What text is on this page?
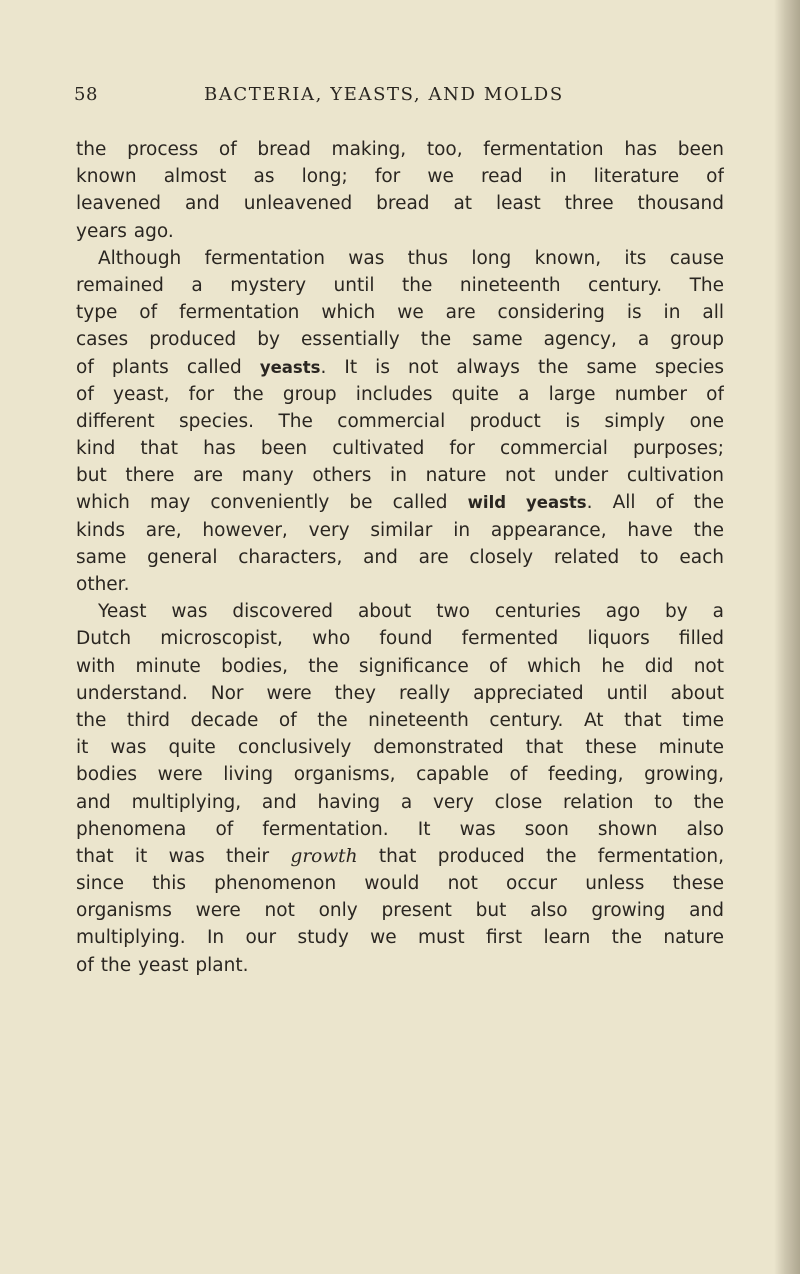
58	BACTERIA, YEASTS, AND MOLDS
the process of bread making, too, fermentation has been
known almost as long; for we read in literature of
leavened and unleavened bread at least three thousand
years ago.
Although fermentation was thus long known, its cause
remained a mystery until the nineteenth century. The
type of fermentation which we are considering is in all
cases produced by essentially the same agency, a group
of plants called yeasts. It is not always the same species
of yeast, for the group includes quite a large number of
different species. The commercial product is simply one
kind that has been cultivated for commercial purposes;
but there are many others in nature not under cultivation
which may conveniently be called wild yeasts. All of the
kinds are, however, very similar in appearance, have the
same general characters, and are closely related to each
other.
Yeast was discovered about two centuries ago by a
Dutch microscopist, who found fermented liquors filled
with minute bodies, the significance of which he did not
understand. Nor were they really appreciated until about
the third decade of the nineteenth century. At that time
it was quite conclusively demonstrated that these minute
bodies were living organisms, capable of feeding, growing,
and multiplying, and having a very close relation to the
phenomena of fermentation. It was soon shown also
that it was their growth that produced the fermentation,
since this phenomenon would not occur unless these
organisms were not only present but also growing and
multiplying. In our study we must first learn the nature
of the yeast plant.
